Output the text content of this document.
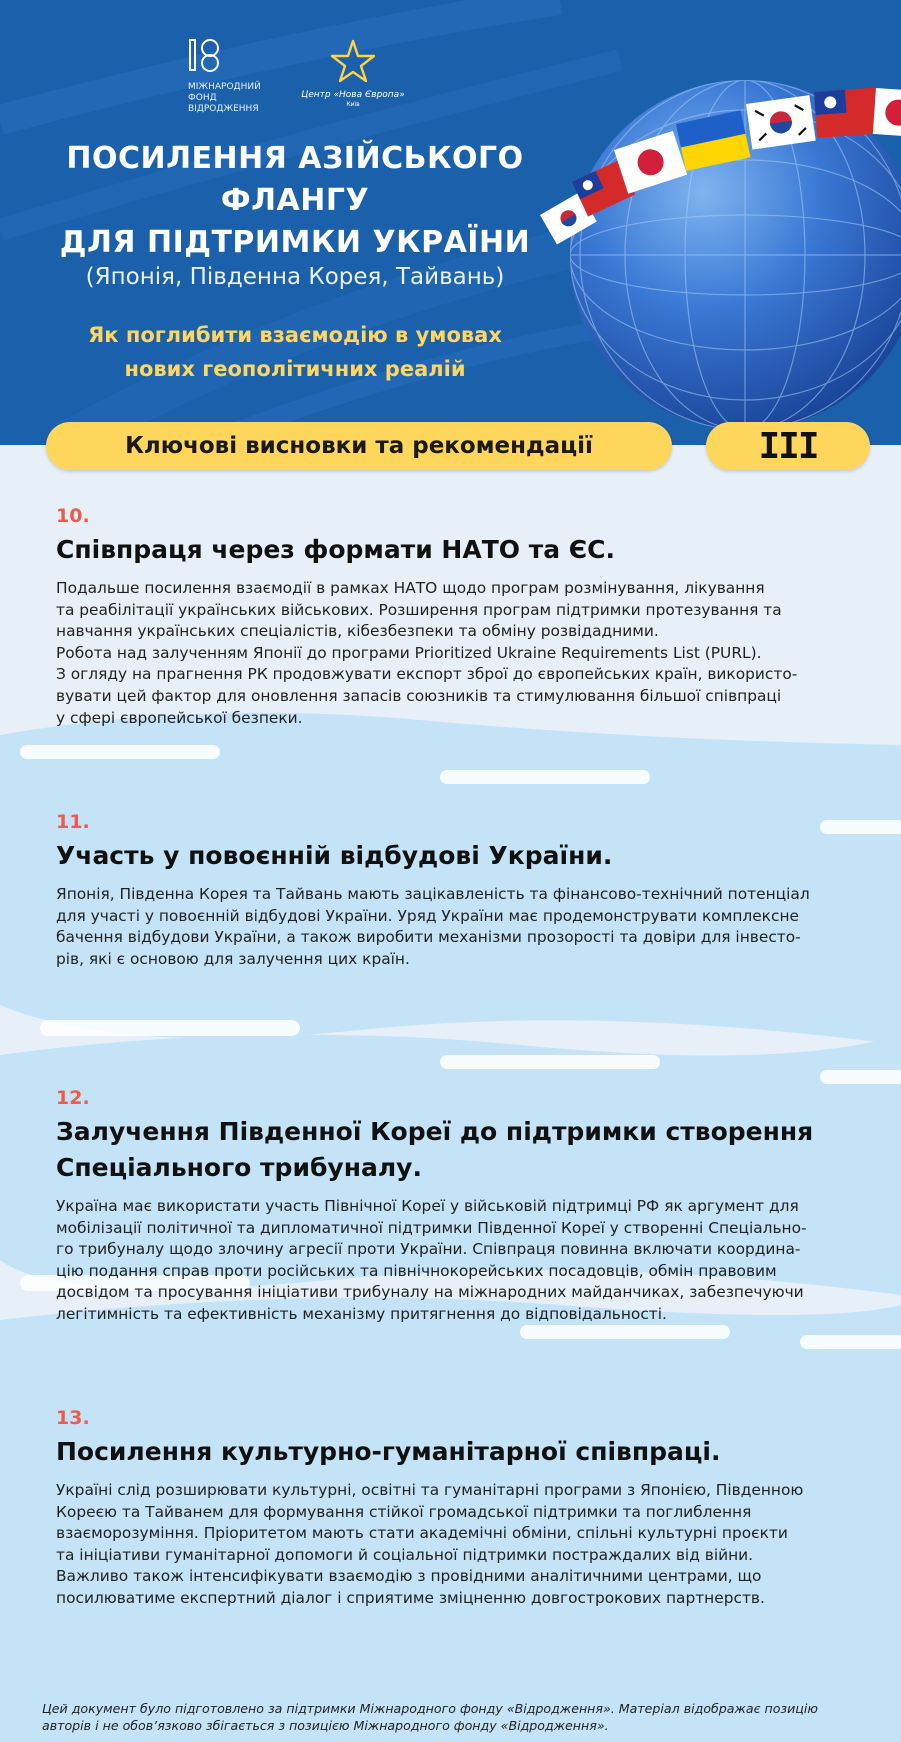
МІЖНАРОДНИЙ
ФОНД
ВІДРОДЖЕННЯ
Центр «Нова Європа»
Київ
ПОСИЛЕННЯ АЗІЙСЬКОГО
ФЛАНГУ
ДЛЯ ПІДТРИМКИ УКРАЇНИ
(Японія, Південна Корея, Тайвань)
Як поглибити взаємодію в умовах
нових геополітичних реалій
Ключові висновки та рекомендації	III
10.
Співпраця через формати НАТО та ЄС.
Подальше посилення взаємодії в рамках НАТО щодо програм розмінування, лікування
та реабілітації українських військових. Розширення програм підтримки протезування та
навчання українських спеціалістів, кібезбезпеки та обміну розвідадними.
Робота над залученням Японії до програми Prioritized Ukraine Requirements List (PURL).
З огляду на прагнення РК продовжувати експорт зброї до європейських країн, використо-
вувати цей фактор для оновлення запасів союзників та стимулювання більшої співпраці
у сфері європейської безпеки.
11.
Участь у повоєнній відбудові України.
Японія, Південна Корея та Тайвань мають зацікавленість та фінансово-технічний потенціал
для участі у повоєнній відбудові України. Уряд України має продемонструвати комплексне
бачення відбудови України, а також виробити механізми прозорості та довіри для інвесто-
рів, які є основою для залучення цих країн.
12.
Залучення Південної Кореї до підтримки створення
Спеціального трибуналу.
Україна має використати участь Північної Кореї у військовій підтримці РФ як аргумент для
мобілізації політичної та дипломатичної підтримки Південної Кореї у створенні Спеціально-
го трибуналу щодо злочину агресії проти України. Співпраця повинна включати координа-
цію подання справ проти російських та північнокорейських посадовців, обмін правовим
досвідом та просування ініціативи трибуналу на міжнародних майданчиках, забезпечуючи
легітимність та ефективність механізму притягнення до відповідальності.
13.
Посилення культурно-гуманітарної співпраці.
Україні слід розширювати культурні, освітні та гуманітарні програми з Японією, Південною
Кореєю та Тайванем для формування стійкої громадської підтримки та поглиблення
взаєморозуміння. Пріоритетом мають стати академічні обміни, спільні культурні проєкти
та ініціативи гуманітарної допомоги й соціальної підтримки постраждалих від війни.
Важливо також інтенсифікувати взаємодію з провідними аналітичними центрами, що
посилюватиме експертний діалог і сприятиме зміцненню довгострокових партнерств.
Цей документ було підготовлено за підтримки Міжнародного фонду «Відродження». Матеріал відображає позицію
авторів і не обов’язково збігається з позицією Міжнародного фонду «Відродження».
